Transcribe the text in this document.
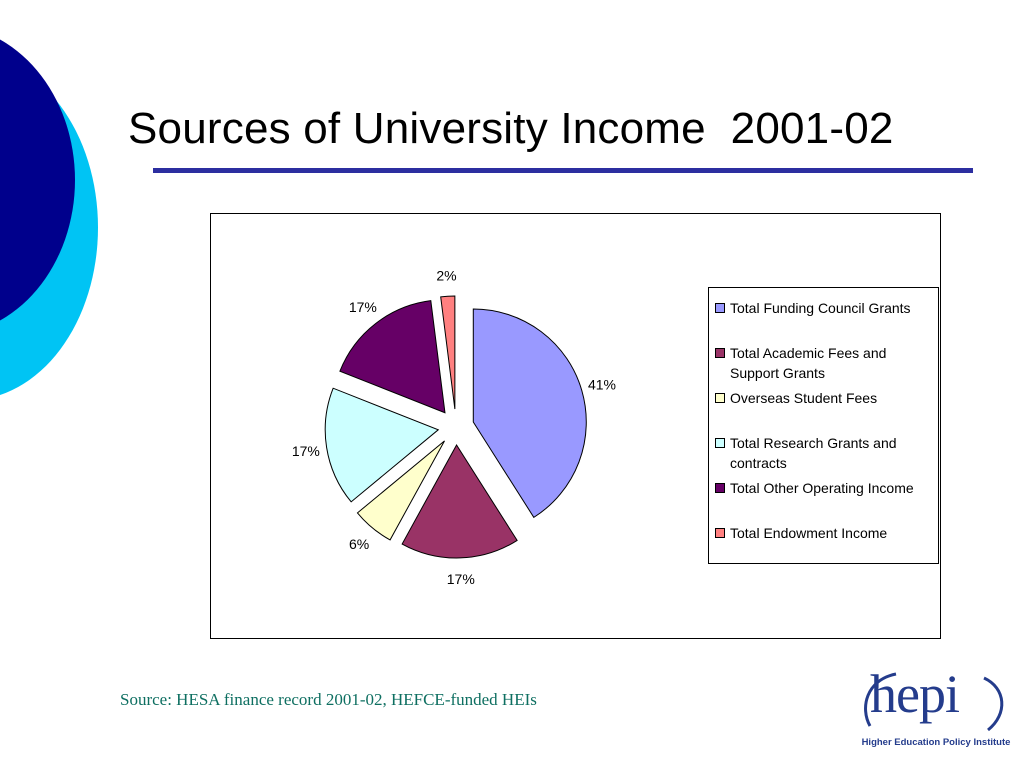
Sources of University Income  2001-02
41%
17%
6%
17%
17%
2%
Total Funding Council Grants
Total Academic Fees and
Support Grants
Overseas Student Fees
Total Research Grants and
contracts
Total Other Operating Income
Total Endowment Income
Source: HESA finance record 2001-02, HEFCE-funded HEIs	hepi
Higher Education Policy Institute
